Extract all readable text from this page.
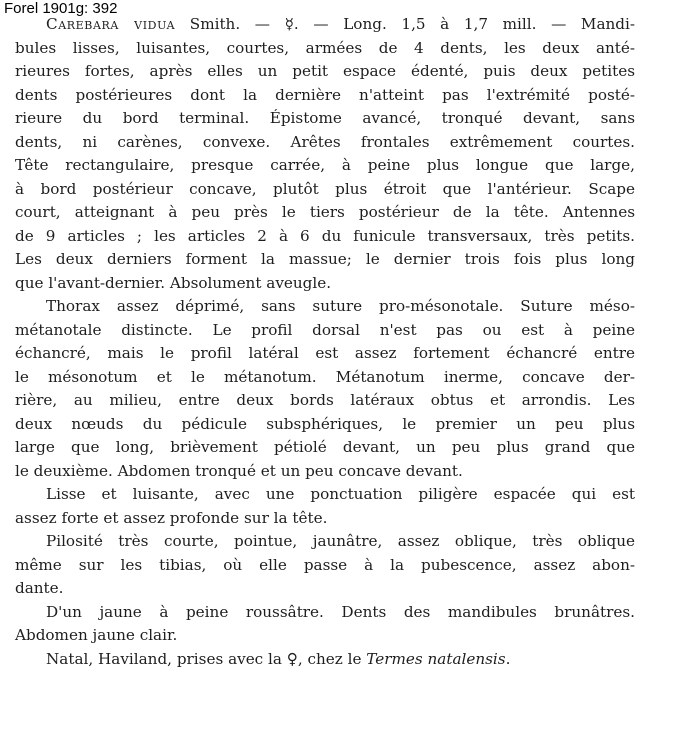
Forel 1901g: 392
Carebara vidua Smith. — ☿. — Long. 1,5 à 1,7 mill. — Mandi-
bules lisses, luisantes, courtes, armées de 4 dents, les deux anté-
rieures fortes, après elles un petit espace édenté, puis deux petites
dents postérieures dont la dernière n'atteint pas l'extrémité posté-
rieure du bord terminal. Épistome avancé, tronqué devant, sans
dents, ni carènes, convexe. Arêtes frontales extrêmement courtes.
Tête rectangulaire, presque carrée, à peine plus longue que large,
à bord postérieur concave, plutôt plus étroit que l'antérieur. Scape
court, atteignant à peu près le tiers postérieur de la tête. Antennes
de 9 articles ; les articles 2 à 6 du funicule transversaux, très petits.
Les deux derniers forment la massue; le dernier trois fois plus long
que l'avant-dernier. Absolument aveugle.
Thorax assez déprimé, sans suture pro-mésonotale. Suture méso-
métanotale distincte. Le profil dorsal n'est pas ou est à peine
échancré, mais le profil latéral est assez fortement échancré entre
le mésonotum et le métanotum. Métanotum inerme, concave der-
rière, au milieu, entre deux bords latéraux obtus et arrondis. Les
deux nœuds du pédicule subsphériques, le premier un peu plus
large que long, brièvement pétiolé devant, un peu plus grand que
le deuxième. Abdomen tronqué et un peu concave devant.
Lisse et luisante, avec une ponctuation piligère espacée qui est
assez forte et assez profonde sur la tête.
Pilosité très courte, pointue, jaunâtre, assez oblique, très oblique
même sur les tibias, où elle passe à la pubescence, assez abon-
dante.
D'un jaune à peine roussâtre. Dents des mandibules brunâtres.
Abdomen jaune clair.
Natal, Haviland, prises avec la ♀, chez le Termes natalensis.
